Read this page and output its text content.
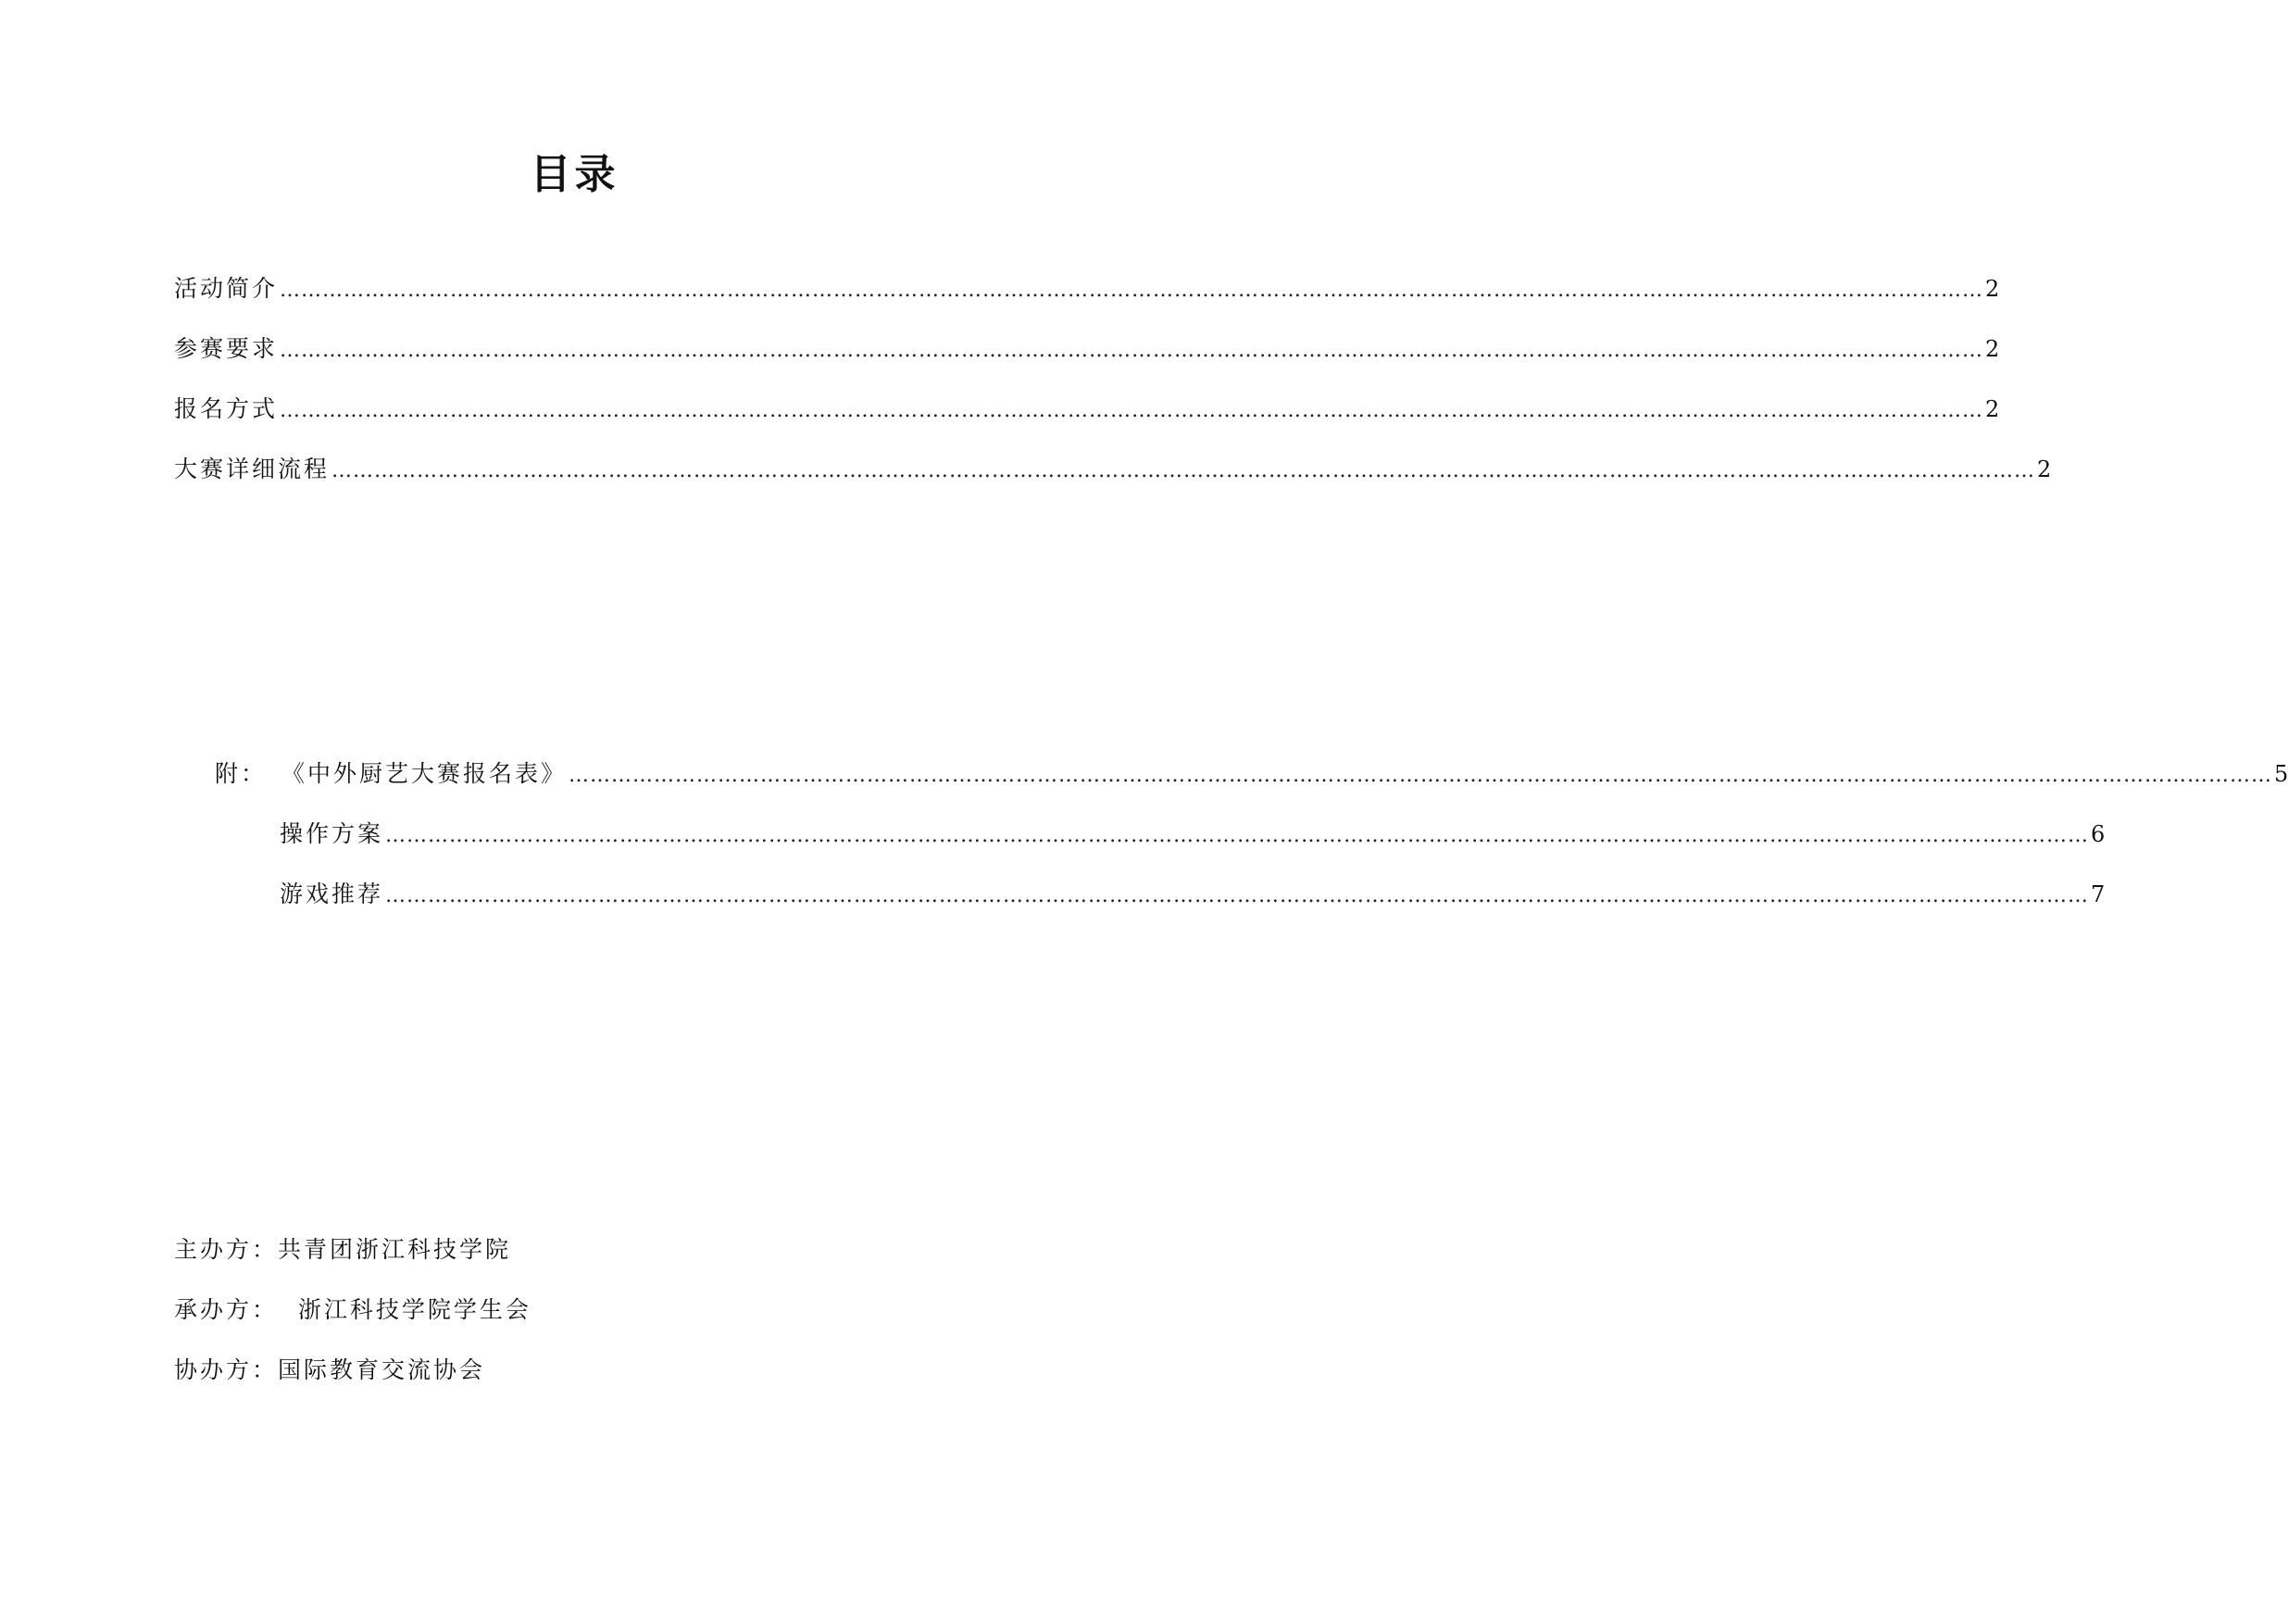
目录
活动简介 …………………………………………………………………………………………………………………………………………………………………………………………………………………… 2
参赛要求 …………………………………………………………………………………………………………………………………………………………………………………………………………………… 2
报名方式 …………………………………………………………………………………………………………………………………………………………………………………………………………………… 2
大赛详细流程 …………………………………………………………………………………………………………………………………………………………………………………………………………………… 2
附： 《中外厨艺大赛报名表》 …………………………………………………………………………………………………………………………………………………………………………………………………………………… 5
操作方案 …………………………………………………………………………………………………………………………………………………………………………………………………………………… 6
游戏推荐 …………………………………………………………………………………………………………………………………………………………………………………………………………………… 7
主办方：共青团浙江科技学院
承办方：  浙江科技学院学生会
协办方：国际教育交流协会
